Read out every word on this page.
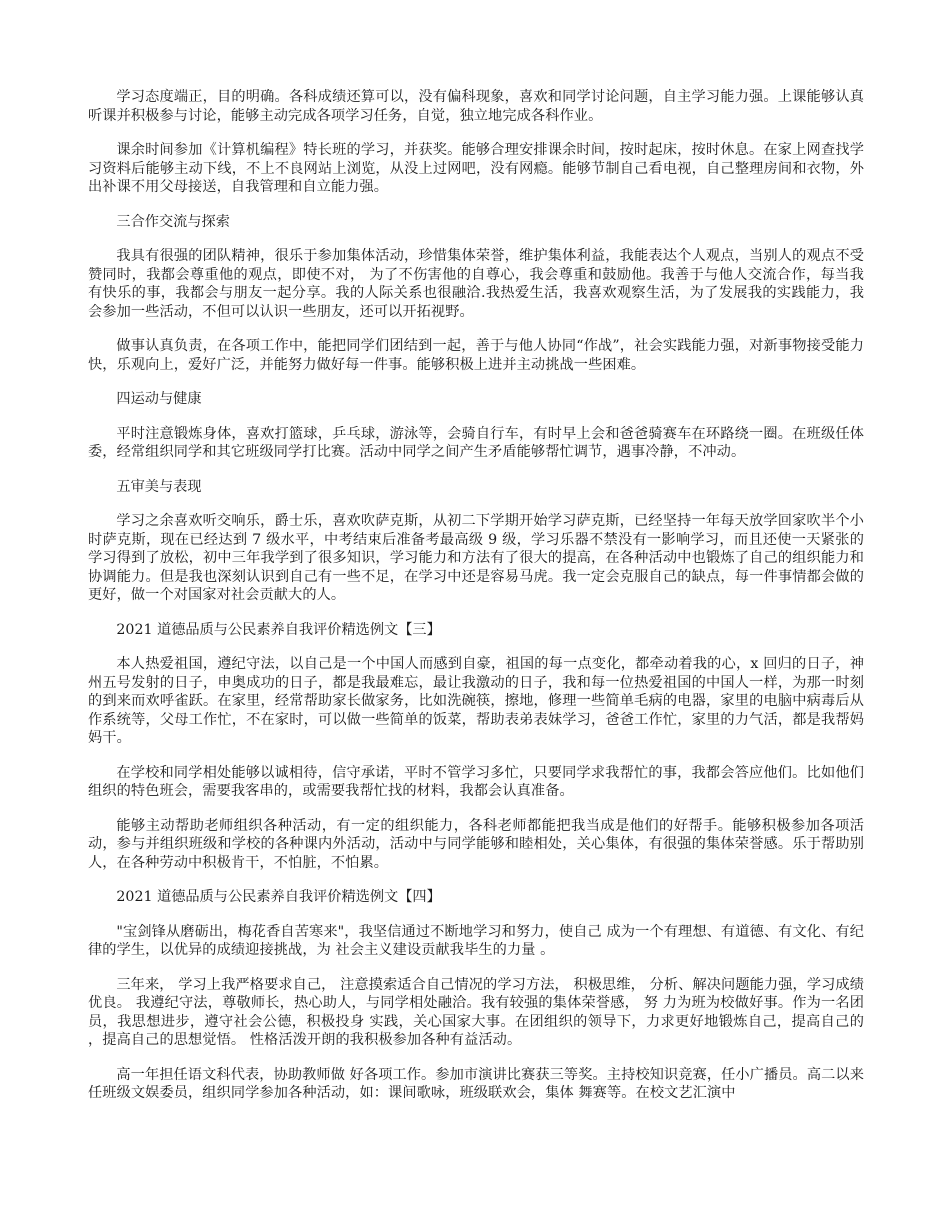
学习态度端正，目的明确。各科成绩还算可以，没有偏科现象，喜欢和同学讨论问题，自主学习能力强。上课能够认真听课并积极参与讨论，能够主动完成各项学习任务，自觉，独立地完成各科作业。

课余时间参加《计算机编程》特长班的学习，并获奖。能够合理安排课余时间，按时起床，按时休息。在家上网查找学习资料后能够主动下线，不上不良网站上浏览，从没上过网吧，没有网瘾。能够节制自己看电视，自己整理房间和衣物，外出补课不用父母接送，自我管理和自立能力强。

三合作交流与探索

我具有很强的团队精神，很乐于参加集体活动，珍惜集体荣誉，维护集体利益，我能表达个人观点，当别人的观点不受赞同时，我都会尊重他的观点，即使不对， 为了不伤害他的自尊心，我会尊重和鼓励他。我善于与他人交流合作，每当我有快乐的事，我都会与朋友一起分享。我的人际关系也很融洽.我热爱生活，我喜欢观察生活，为了发展我的实践能力，我会参加一些活动，不但可以认识一些朋友，还可以开拓视野。

做事认真负责，在各项工作中，能把同学们团结到一起，善于与他人协同“作战”，社会实践能力强，对新事物接受能力快，乐观向上，爱好广泛，并能努力做好每一件事。能够积极上进并主动挑战一些困难。

四运动与健康

平时注意锻炼身体，喜欢打篮球，乒乓球，游泳等，会骑自行车，有时早上会和爸爸骑赛车在环路绕一圈。在班级任体委，经常组织同学和其它班级同学打比赛。活动中同学之间产生矛盾能够帮忙调节，遇事冷静，不冲动。

五审美与表现

学习之余喜欢听交响乐，爵士乐，喜欢吹萨克斯，从初二下学期开始学习萨克斯，已经坚持一年每天放学回家吹半个小时萨克斯，现在已经达到 7 级水平，中考结束后准备考最高级 9 级，学习乐器不禁没有一影响学习，而且还使一天紧张的学习得到了放松，初中三年我学到了很多知识，学习能力和方法有了很大的提高，在各种活动中也锻炼了自己的组织能力和协调能力。但是我也深刻认识到自己有一些不足，在学习中还是容易马虎。我一定会克服自己的缺点，每一件事情都会做的更好，做一个对国家对社会贡献大的人。

2021 道德品质与公民素养自我评价精选例文【三】

本人热爱祖国，遵纪守法，以自己是一个中国人而感到自豪，祖国的每一点变化，都牵动着我的心，x 回归的日子，神州五号发射的日子，申奥成功的日子，都是我最难忘，最让我激动的日子，我和每一位热爱祖国的中国人一样，为那一时刻的到来而欢呼雀跃。在家里，经常帮助家长做家务，比如洗碗筷，擦地，修理一些简单毛病的电器，家里的电脑中病毒后从作系统等，父母工作忙，不在家时，可以做一些简单的饭菜，帮助表弟表妹学习，爸爸工作忙，家里的力气活，都是我帮妈妈干。

在学校和同学相处能够以诚相待，信守承诺，平时不管学习多忙，只要同学求我帮忙的事，我都会答应他们。比如他们组织的特色班会，需要我客串的，或需要我帮忙找的材料，我都会认真准备。

能够主动帮助老师组织各种活动，有一定的组织能力，各科老师都能把我当成是他们的好帮手。能够积极参加各项活动，参与并组织班级和学校的各种课内外活动，活动中与同学能够和睦相处，关心集体，有很强的集体荣誉感。乐于帮助别人，在各种劳动中积极肯干，不怕脏，不怕累。

2021 道德品质与公民素养自我评价精选例文【四】

"宝剑锋从磨砺出，梅花香自苦寒来"，我坚信通过不断地学习和努力，使自己 成为一个有理想、有道德、有文化、有纪律的学生，以优异的成绩迎接挑战，为 社会主义建设贡献我毕生的力量 。

三年来， 学习上我严格要求自己， 注意摸索适合自己情况的学习方法， 积极思维， 分析、解决问题能力强，学习成绩优良。 我遵纪守法，尊敬师长，热心助人，与同学相处融洽。我有较强的集体荣誉感， 努 力为班为校做好事。作为一名团员，我思想进步，遵守社会公德，积极投身 实践，关心国家大事。在团组织的领导下，力求更好地锻炼自己，提高自己的 ，提高自己的思想觉悟。 性格活泼开朗的我积极参加各种有益活动。

高一年担任语文科代表，协助教师做 好各项工作。参加市演讲比赛获三等奖。主持校知识竞赛，任小广播员。高二以来任班级文娱委员，组织同学参加各种活动，如：课间歌咏，班级联欢会，集体 舞赛等。在校文艺汇演中
